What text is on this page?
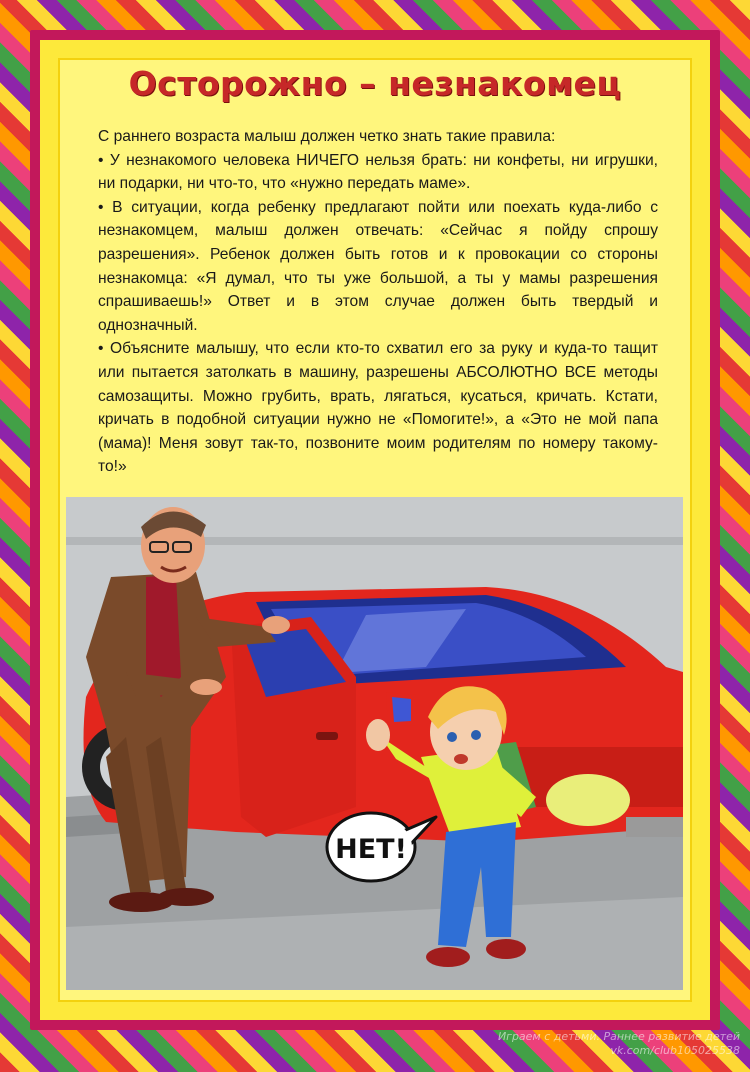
Осторожно – незнакомец

С раннего возраста малыш должен четко знать такие правила:

• У незнакомого человека НИЧЕГО нельзя брать: ни конфеты, ни игрушки, ни подарки, ни что-то, что «нужно передать маме».

• В ситуации, когда ребенку предлагают пойти или поехать куда-либо с незнакомцем, малыш должен отвечать: «Сейчас я пойду спрошу разрешения». Ребенок должен быть готов и к провокации со стороны незнакомца: «Я думал, что ты уже большой, а ты у мамы разрешения спрашиваешь!» Ответ и в этом случае должен быть твердый и однозначный.

• Объясните малышу, что если кто-то схватил его за руку и куда-то тащит или пытается затолкать в машину, разрешены АБСОЛЮТНО ВСЕ методы самозащиты. Можно грубить, врать, лягаться, кусаться, кричать. Кстати, кричать в подобной ситуации нужно не «Помогите!», а «Это не мой папа (мама)! Меня зовут так-то, позвоните моим родителям по номеру такому-то!»

НЕТ!
Играем с детьми. Раннее развитие детей
vk.com/club105025538
